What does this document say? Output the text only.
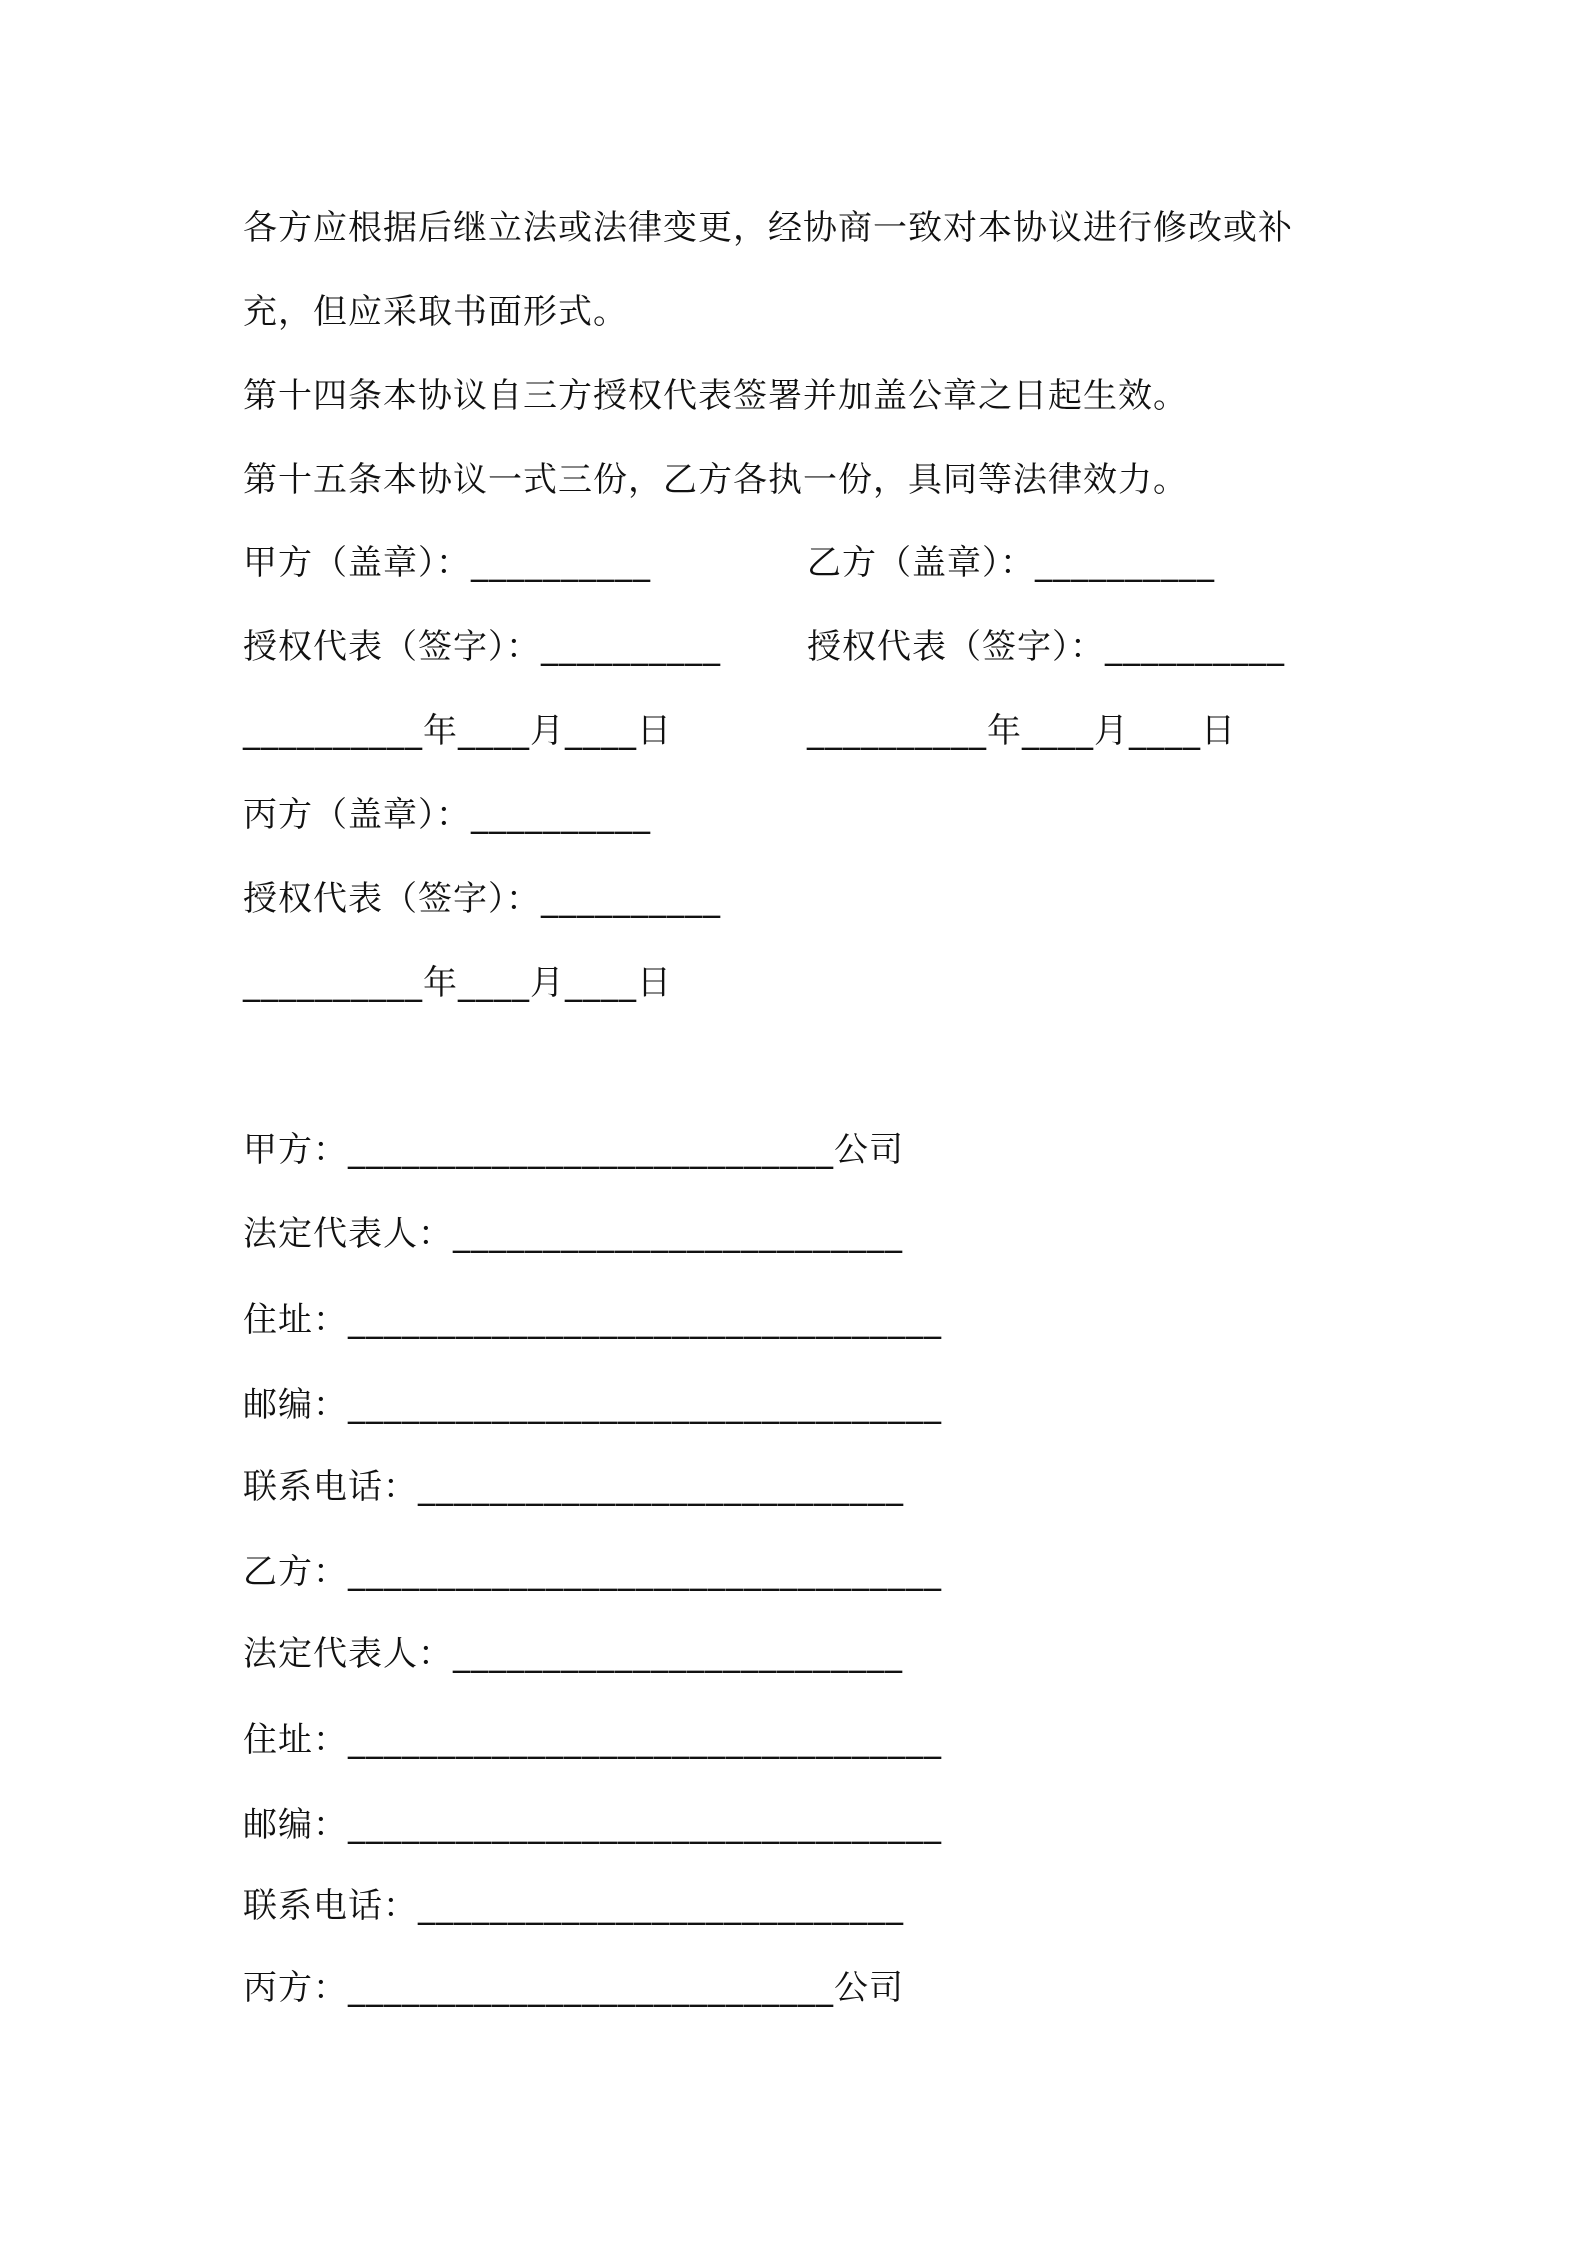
各方应根据后继立法或法律变更，经协商一致对本协议进行修改或补
充，但应采取书面形式。
第十四条本协议自三方授权代表签署并加盖公章之日起生效。
第十五条本协议一式三份，乙方各执一份，具同等法律效力。
甲方（盖章）：__________	乙方（盖章）：__________
授权代表（签字）：__________	授权代表（签字）：__________
__________年____月____日	__________年____月____日
丙方（盖章）：__________
授权代表（签字）：__________
__________年____月____日
甲方：___________________________公司
法定代表人：_________________________
住址：_________________________________
邮编：_________________________________
联系电话：___________________________
乙方：_________________________________
法定代表人：_________________________
住址：_________________________________
邮编：_________________________________
联系电话：___________________________
丙方：___________________________公司
